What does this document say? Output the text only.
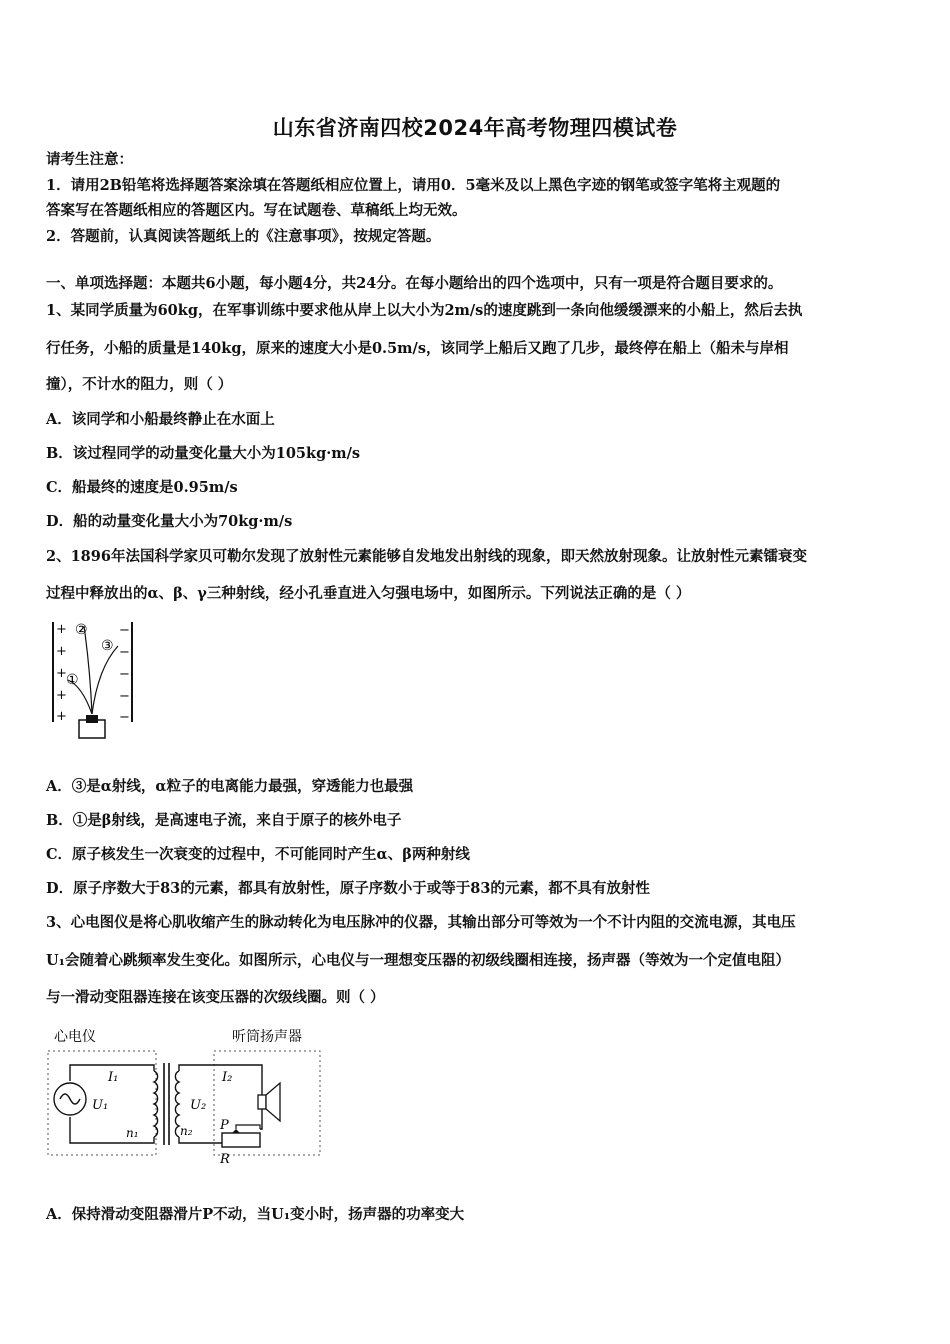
山东省济南四校2024年高考物理四模试卷
请考生注意：
1．请用2B铅笔将选择题答案涂填在答题纸相应位置上，请用0．5毫米及以上黑色字迹的钢笔或签字笔将主观题的
答案写在答题纸相应的答题区内。写在试题卷、草稿纸上均无效。
2．答题前，认真阅读答题纸上的《注意事项》，按规定答题。
一、单项选择题：本题共6小题，每小题4分，共24分。在每小题给出的四个选项中，只有一项是符合题目要求的。
1、某同学质量为60kg，在军事训练中要求他从岸上以大小为2m/s的速度跳到一条向他缓缓漂来的小船上，然后去执
行任务，小船的质量是140kg，原来的速度大小是0.5m/s，该同学上船后又跑了几步，最终停在船上（船未与岸相
撞），不计水的阻力，则（ ）
A．该同学和小船最终静止在水面上
B．该过程同学的动量变化量大小为105kg·m/s
C．船最终的速度是0.95m/s
D．船的动量变化量大小为70kg·m/s
2、1896年法国科学家贝可勒尔发现了放射性元素能够自发地发出射线的现象，即天然放射现象。让放射性元素镭衰变
过程中释放出的α、β、γ三种射线，经小孔垂直进入匀强电场中，如图所示。下列说法正确的是（ ）
+
+
+
+
+
−
−
−
−
−
②
③
①
A．③是α射线，α粒子的电离能力最强，穿透能力也最强
B．①是β射线，是高速电子流，来自于原子的核外电子
C．原子核发生一次衰变的过程中，不可能同时产生α、β两种射线
D．原子序数大于83的元素，都具有放射性，原子序数小于或等于83的元素，都不具有放射性
3、心电图仪是将心肌收缩产生的脉动转化为电压脉冲的仪器，其输出部分可等效为一个不计内阻的交流电源，其电压
U₁会随着心跳频率发生变化。如图所示，心电仪与一理想变压器的初级线圈相连接，扬声器（等效为一个定值电阻）
与一滑动变阻器连接在该变压器的次级线圈。则（ ）
心电仪	听筒扬声器
I₁
U₁
n₁
I₂
U₂
n₂ P
R
A．保持滑动变阻器滑片P不动，当U₁变小时，扬声器的功率变大
